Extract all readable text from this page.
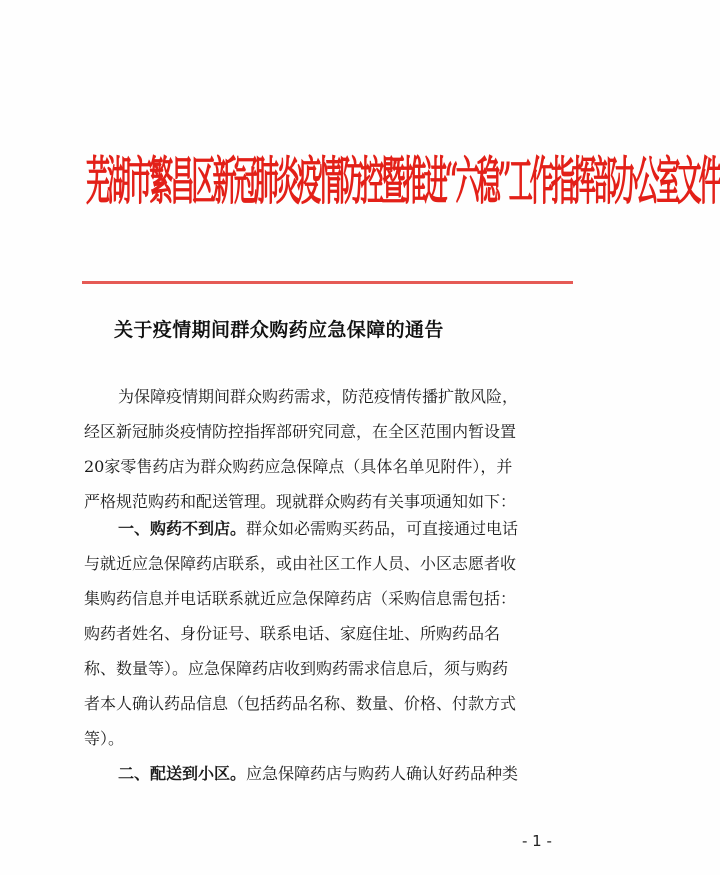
芜湖市繁昌区新冠肺炎疫情防控暨推进“六稳”工作指挥部办公室文件
关于疫情期间群众购药应急保障的通告

为保障疫情期间群众购药需求，防范疫情传播扩散风险，

经区新冠肺炎疫情防控指挥部研究同意，在全区范围内暂设置

20家零售药店为群众购药应急保障点（具体名单见附件），并

严格规范购药和配送管理。现就群众购药有关事项通知如下：

一、购药不到店。群众如必需购买药品，可直接通过电话

与就近应急保障药店联系，或由社区工作人员、小区志愿者收

集购药信息并电话联系就近应急保障药店（采购信息需包括：

购药者姓名、身份证号、联系电话、家庭住址、所购药品名

称、数量等）。应急保障药店收到购药需求信息后，须与购药

者本人确认药品信息（包括药品名称、数量、价格、付款方式

等）。

二、配送到小区。应急保障药店与购药人确认好药品种类

- 1 -
